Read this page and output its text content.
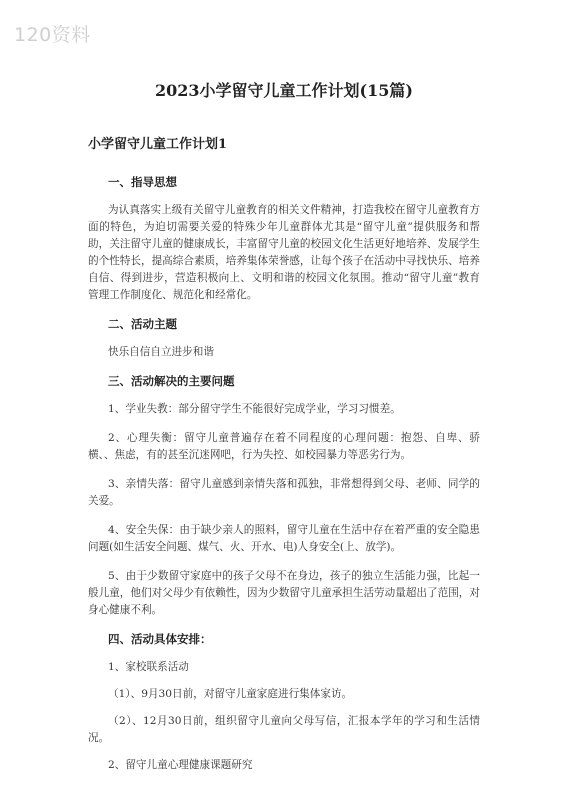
120资料
2023小学留守儿童工作计划(15篇)
小学留守儿童工作计划1
一、指导思想

为认真落实上级有关留守儿童教育的相关文件精神，打造我校在留守儿童教育方面的特色，为迫切需要关爱的特殊少年儿童群体尤其是“留守儿童”提供服务和帮助，关注留守儿童的健康成长，丰富留守儿童的校园文化生活更好地培养、发展学生的个性特长，提高综合素质，培养集体荣誉感，让每个孩子在活动中寻找快乐、培养自信、得到进步，营造积极向上、文明和谐的校园文化氛围。推动“留守儿童”教育管理工作制度化、规范化和经常化。

二、活动主题

快乐自信自立进步和谐

三、活动解决的主要问题

1、学业失教：部分留守学生不能很好完成学业，学习习惯差。

2、心理失衡：留守儿童普遍存在着不同程度的心理问题：抱怨、自卑、骄横、、焦虑，有的甚至沉迷网吧，行为失控、如校园暴力等恶劣行为。

3、亲情失落：留守儿童感到亲情失落和孤独，非常想得到父母、老师、同学的关爱。

4、安全失保：由于缺少亲人的照料，留守儿童在生活中存在着严重的安全隐患问题(如生活安全问题、煤气、火、开水、电)人身安全(上、放学)。

5、由于少数留守家庭中的孩子父母不在身边，孩子的独立生活能力强，比起一般儿童，他们对父母少有依赖性，因为少数留守儿童承担生活劳动量超出了范围，对身心健康不利。

四、活动具体安排：

1、家校联系活动

（1）、9月30日前，对留守儿童家庭进行集体家访。

（2）、12月30日前，组织留守儿童向父母写信，汇报本学年的学习和生活情况。

2、留守儿童心理健康课题研究
